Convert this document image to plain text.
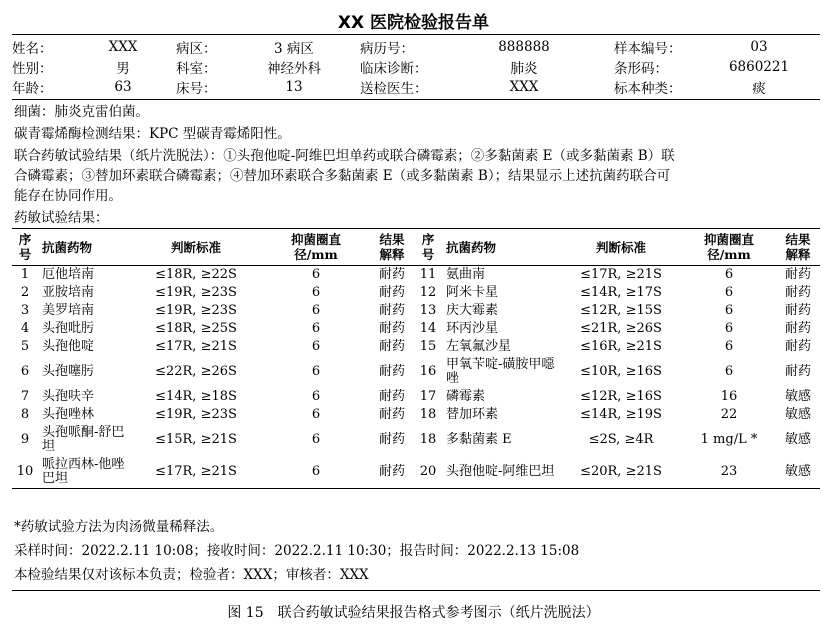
XX 医院检验报告单
姓名：	XXX	病区：	3 病区	病历号：	888888	样本编号：	03
性别：	男	科室：	神经外科	临床诊断：	肺炎	条形码：	6860221
年龄：	63	床号：	13	送检医生：	XXX	标本种类：	痰
细菌：肺炎克雷伯菌。
碳青霉烯酶检测结果：KPC 型碳青霉烯阳性。
联合药敏试验结果（纸片洗脱法）：①头孢他啶-阿维巴坦单药或联合磷霉素；②多黏菌素 E（或多黏菌素 B）联
合磷霉素；③替加环素联合磷霉素；④替加环素联合多黏菌素 E（或多黏菌素 B）；结果显示上述抗菌药联合可
能存在协同作用。
药敏试验结果：
序号	抗菌药物	判断标准	抑菌圈直径/mm	结果解释	序号	抗菌药物	判断标准	抑菌圈直径/mm	结果解释
1	厄他培南	≤18R, ≥22S	6	耐药	11	氨曲南	≤17R, ≥21S	6	耐药
2	亚胺培南	≤19R, ≥23S	6	耐药	12	阿米卡星	≤14R, ≥17S	6	耐药
3	美罗培南	≤19R, ≥23S	6	耐药	13	庆大霉素	≤12R, ≥15S	6	耐药
4	头孢吡肟	≤18R, ≥25S	6	耐药	14	环丙沙星	≤21R, ≥26S	6	耐药
5	头孢他啶	≤17R, ≥21S	6	耐药	15	左氧氟沙星	≤16R, ≥21S	6	耐药
6	头孢噻肟	≤22R, ≥26S	6	耐药	16	甲氧苄啶-磺胺甲噁唑	≤10R, ≥16S	6	耐药
7	头孢呋辛	≤14R, ≥18S	6	耐药	17	磷霉素	≤12R, ≥16S	16	敏感
8	头孢唑林	≤19R, ≥23S	6	耐药	18	替加环素	≤14R, ≥19S	22	敏感
9	头孢哌酮-舒巴坦	≤15R, ≥21S	6	耐药	18	多黏菌素 E	≤2S, ≥4R	1 mg/L *	敏感
10	哌拉西林-他唑巴坦	≤17R, ≥21S	6	耐药	20	头孢他啶-阿维巴坦	≤20R, ≥21S	23	敏感
*药敏试验方法为肉汤微量稀释法。
采样时间：2022.2.11 10:08；接收时间：2022.2.11 10:30；报告时间：2022.2.13 15:08
本检验结果仅对该标本负责；检验者：XXX；审核者：XXX
图 15　联合药敏试验结果报告格式参考图示（纸片洗脱法）
